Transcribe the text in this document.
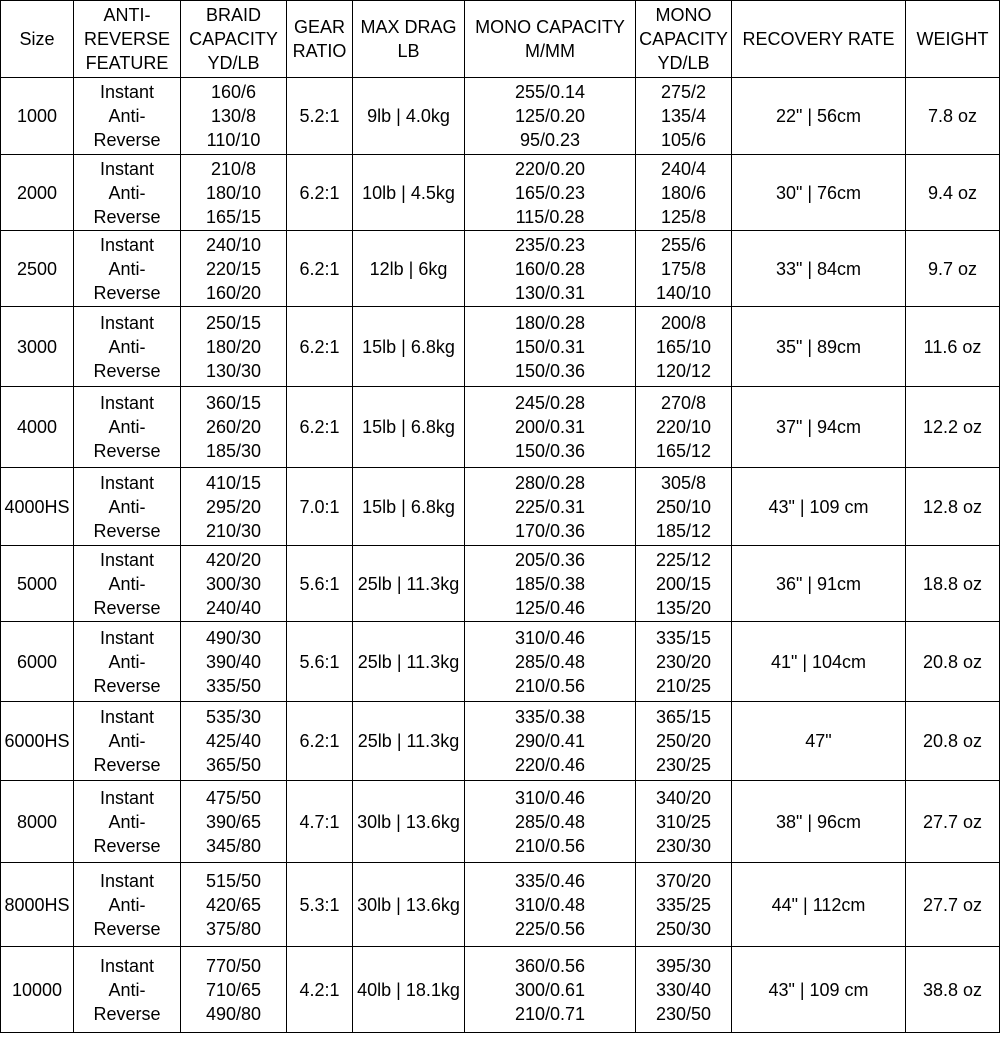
Size	ANTI-
REVERSE
FEATURE	BRAID
CAPACITY
YD/LB	GEAR
RATIO	MAX DRAG
LB	MONO CAPACITY
M/MM	MONO
CAPACITY
YD/LB	RECOVERY RATE	WEIGHT

1000	Instant
Anti-
Reverse	160/6
130/8
110/10	5.2:1	9lb | 4.0kg	255/0.14
125/0.20
95/0.23	275/2
135/4
105/6	22" | 56cm	7.8 oz
2000	Instant
Anti-
Reverse	210/8
180/10
165/15	6.2:1	10lb | 4.5kg	220/0.20
165/0.23
115/0.28	240/4
180/6
125/8	30" | 76cm	9.4 oz
2500	Instant
Anti-
Reverse	240/10
220/15
160/20	6.2:1	12lb | 6kg	235/0.23
160/0.28
130/0.31	255/6
175/8
140/10	33" | 84cm	9.7 oz
3000	Instant
Anti-
Reverse	250/15
180/20
130/30	6.2:1	15lb | 6.8kg	180/0.28
150/0.31
150/0.36	200/8
165/10
120/12	35" | 89cm	11.6 oz
4000	Instant
Anti-
Reverse	360/15
260/20
185/30	6.2:1	15lb | 6.8kg	245/0.28
200/0.31
150/0.36	270/8
220/10
165/12	37" | 94cm	12.2 oz
4000HS	Instant
Anti-
Reverse	410/15
295/20
210/30	7.0:1	15lb | 6.8kg	280/0.28
225/0.31
170/0.36	305/8
250/10
185/12	43" | 109 cm	12.8 oz
5000	Instant
Anti-
Reverse	420/20
300/30
240/40	5.6:1	25lb | 11.3kg	205/0.36
185/0.38
125/0.46	225/12
200/15
135/20	36" | 91cm	18.8 oz
6000	Instant
Anti-
Reverse	490/30
390/40
335/50	5.6:1	25lb | 11.3kg	310/0.46
285/0.48
210/0.56	335/15
230/20
210/25	41" | 104cm	20.8 oz
6000HS	Instant
Anti-
Reverse	535/30
425/40
365/50	6.2:1	25lb | 11.3kg	335/0.38
290/0.41
220/0.46	365/15
250/20
230/25	47"	20.8 oz
8000	Instant
Anti-
Reverse	475/50
390/65
345/80	4.7:1	30lb | 13.6kg	310/0.46
285/0.48
210/0.56	340/20
310/25
230/30	38" | 96cm	27.7 oz
8000HS	Instant
Anti-
Reverse	515/50
420/65
375/80	5.3:1	30lb | 13.6kg	335/0.46
310/0.48
225/0.56	370/20
335/25
250/30	44" | 112cm	27.7 oz
10000	Instant
Anti-
Reverse	770/50
710/65
490/80	4.2:1	40lb | 18.1kg	360/0.56
300/0.61
210/0.71	395/30
330/40
230/50	43" | 109 cm	38.8 oz
